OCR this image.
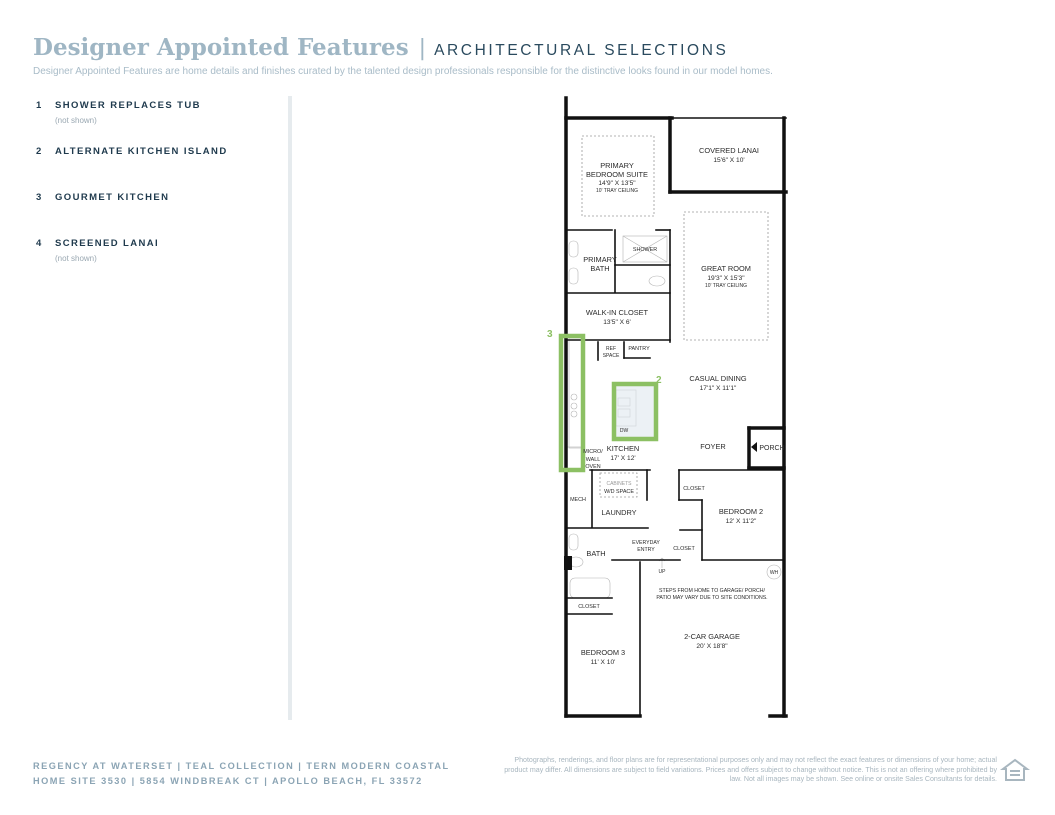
Designer Appointed Features | ARCHITECTURAL SELECTIONS
Designer Appointed Features are home details and finishes curated by the talented design professionals responsible for the distinctive looks found in our model homes.
1	SHOWER REPLACES TUB
(not shown)
2	ALTERNATE KITCHEN ISLAND
3	GOURMET KITCHEN
4	SCREENED LANAI
(not shown)
3
2
PRIMARY
BEDROOM SUITE
14'9" X 13'5"
10' TRAY CEILING
COVERED LANAI
15'6" X 10'
PRIMARY
BATH
SHOWER
GREAT ROOM
19'3" X 15'3"
10' TRAY CEILING
WALK-IN CLOSET
13'5" X 6'
REF
SPACE
PANTRY
CASUAL DINING
17'1" X 11'1"
DW
FOYER	PORCH
KITCHEN
17' X 12'
MICRO/
WALL
OVEN
CABINETS
W/D SPACE
MECH
LAUNDRY
CLOSET
BEDROOM 2
12' X 11'2"
BATH
EVERYDAY
ENTRY	CLOSET
UP	WH
CLOSET
STEPS FROM HOME TO GARAGE/ PORCH/
PATIO MAY VARY DUE TO SITE CONDITIONS.
2-CAR GARAGE
20' X 18'8"
BEDROOM 3
11' X 10'
REGENCY AT WATERSET | TEAL COLLECTION | TERN MODERN COASTAL
HOME SITE 3530 | 5854 WINDBREAK CT | APOLLO BEACH, FL 33572
Photographs, renderings, and floor plans are for representational purposes only and may not reflect the exact features or dimensions of your home; actual product may differ. All dimensions are subject to field variations. Prices and offers subject to change without notice. This is not an offering where prohibited by law. Not all images may be shown. See online or onsite Sales Consultants for details.
